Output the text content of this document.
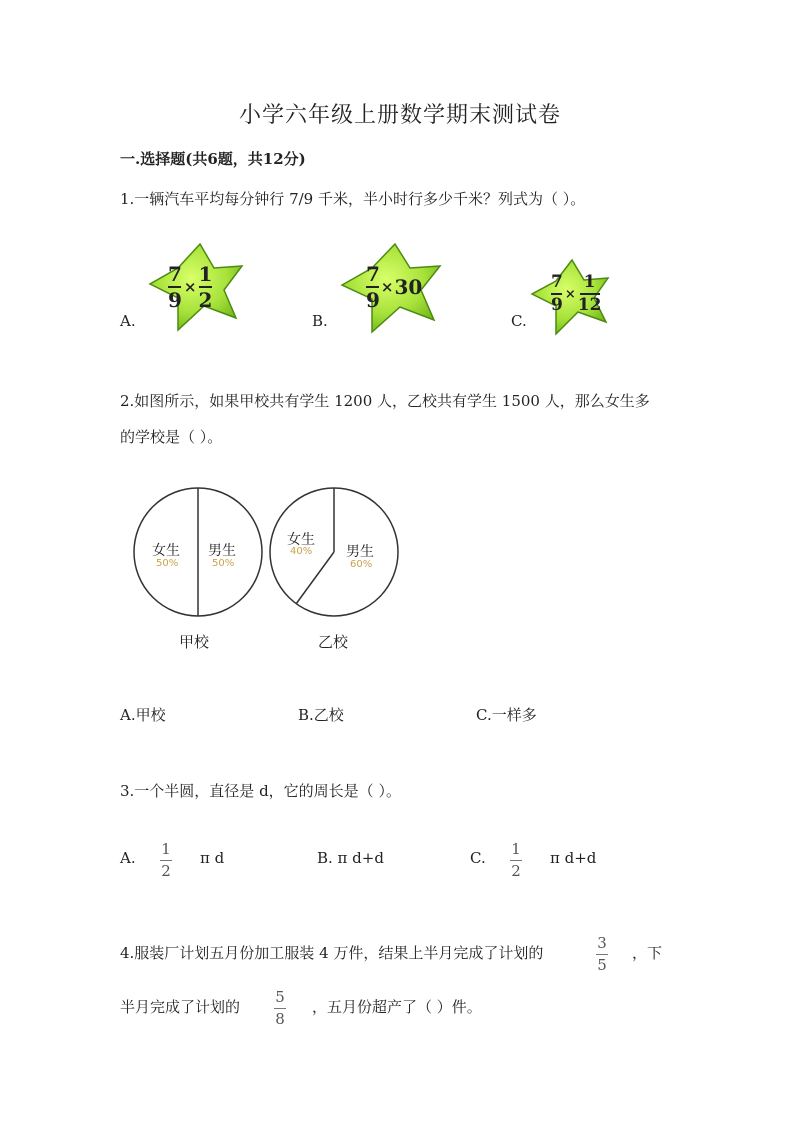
小学六年级上册数学期末测试卷
一.选择题(共6题，共12分)
1.一辆汽车平均每分钟行 7/9 千米，半小时行多少千米？列式为（ ）。
A.
7
9
×
1
2
B.
7
9
× 30
C.
7
9
×
1
12
2.如图所示，如果甲校共有学生 1200 人，乙校共有学生 1500 人，那么女生多
的学校是（ ）。
女生
50%
男生
50%
甲校
女生
40% 男生
60%
乙校
A.甲校	B.乙校	C.一样多
3.一个半圆，直径是 d，它的周长是（ ）。
A. 1
2
π d	B. π d+d	C. 1
2
π d+d
4.服装厂计划五月份加工服装 4 万件，结果上半月完成了计划的
3
5
，下
半月完成了计划的
5
8
，五月份超产了（ ）件。
